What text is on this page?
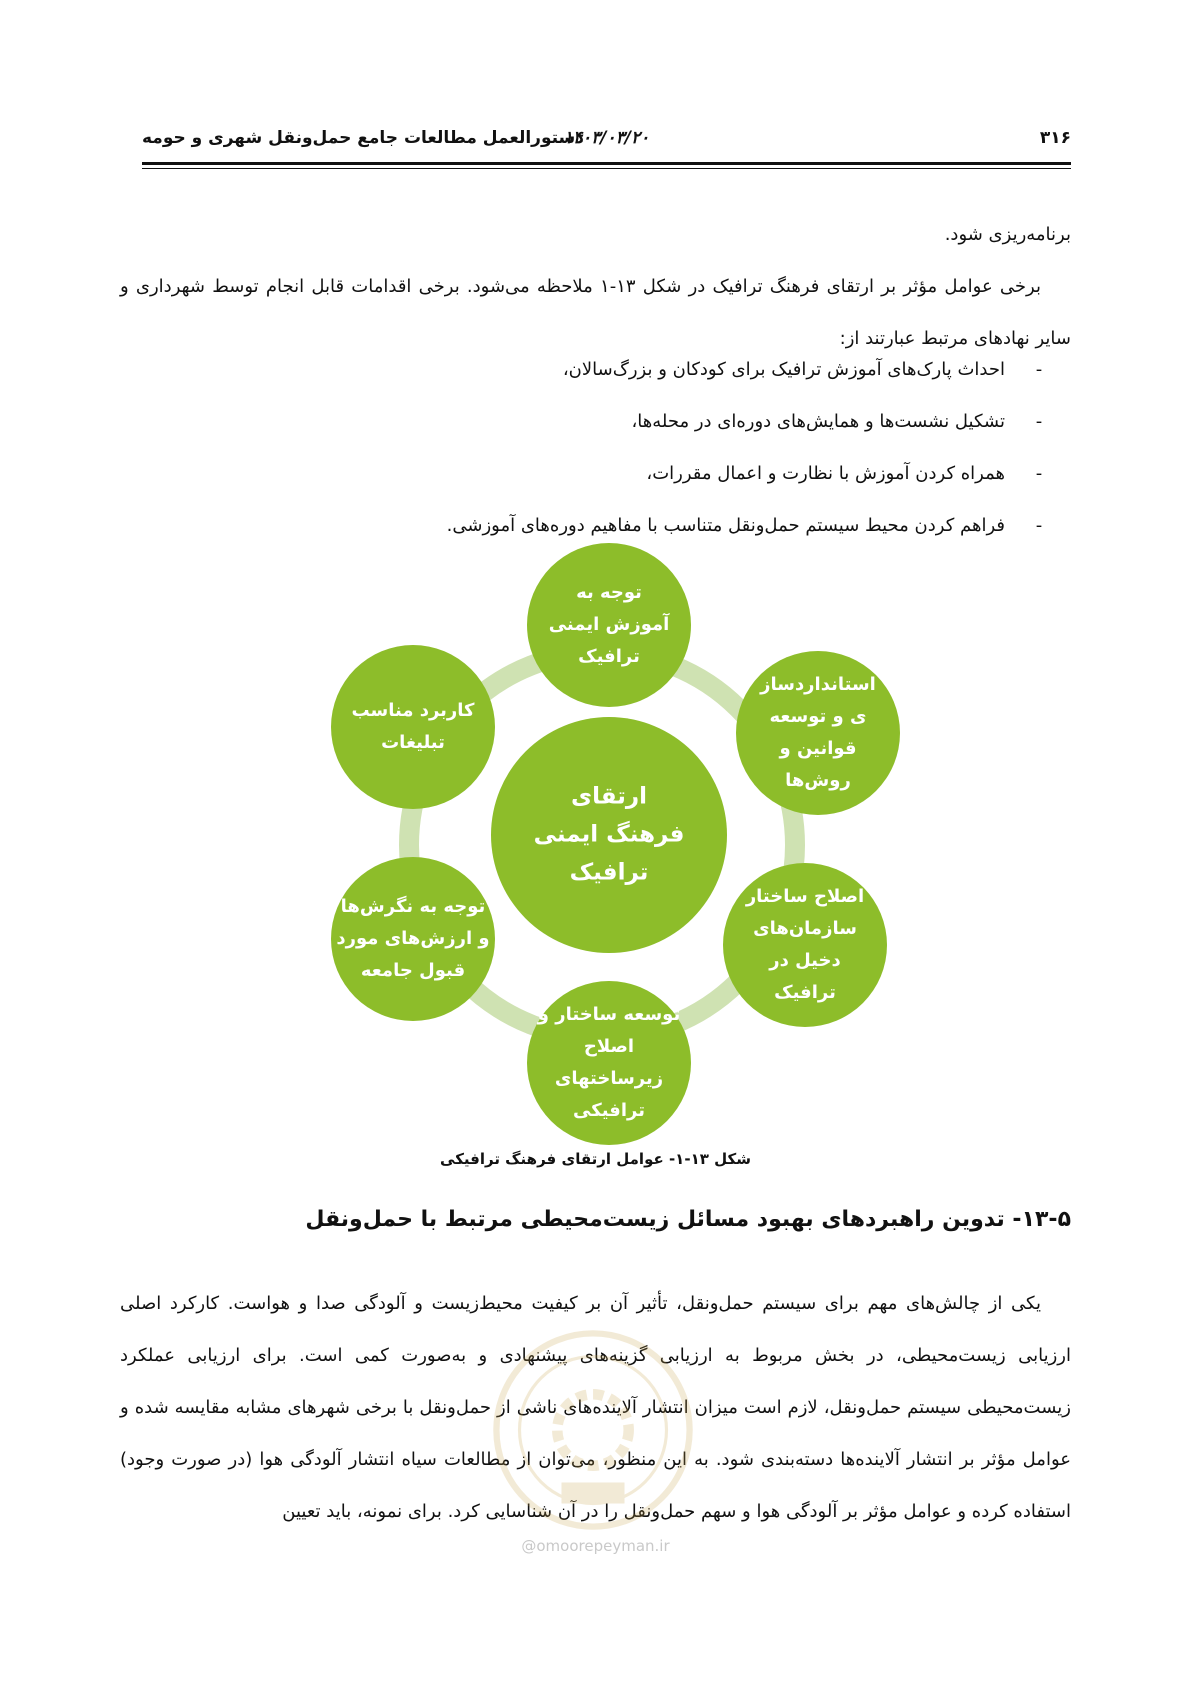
۳۱۶
۱۴۰۳/۰۳/۲۰
دستورالعمل مطالعات جامع حمل‌ونقل شهری و حومه

برنامه‌ریزی شود.

برخی عوامل مؤثر بر ارتقای فرهنگ ترافیک در شکل ۱۳-۱ ملاحظه می‌شود. برخی اقدامات قابل انجام توسط شهرداری و سایر نهادهای مرتبط عبارتند از:

-
احداث پارک‌های آموزش ترافیک برای کودکان و بزرگ‌سالان،
-
تشکیل نشست‌ها و همایش‌های دوره‌ای در محله‌ها،
-
همراه کردن آموزش با نظارت و اعمال مقررات،
-
فراهم کردن محیط سیستم حمل‌ونقل متناسب با مفاهیم دوره‌های آموزشی.
توجه به
آموزش ایمنی
ترافیک
استانداردساز
ی و توسعه
قوانین و
روش‌ها
اصلاح ساختار
سازمان‌های
دخیل در
ترافیک
توسعه ساختار و
اصلاح
زیرساختهای
ترافیکی
توجه به نگرش‌ها
و ارزش‌های مورد
قبول جامعه
کاربرد مناسب
تبلیغات
ارتقای
فرهنگ ایمنی
ترافیک
شکل ۱۳-۱- عوامل ارتقای فرهنگ ترافیکی
۱۳-۵- تدوین راهبردهای بهبود مسائل زیست‌محیطی مرتبط با حمل‌ونقل

یکی از چالش‌های مهم برای سیستم حمل‌ونقل، تأثیر آن بر کیفیت محیط‌زیست و آلودگی صدا و هواست. کارکرد اصلی ارزیابی زیست‌محیطی، در بخش مربوط به ارزیابی گزینه‌های پیشنهادی و به‌صورت کمی است. برای ارزیابی عملکرد زیست‌محیطی سیستم حمل‌ونقل، لازم است میزان انتشار آلاینده‌های ناشی از حمل‌ونقل با برخی شهرهای مشابه مقایسه شده و عوامل مؤثر بر انتشار آلاینده‌ها دسته‌بندی شود. به این منظور، می‌توان از مطالعات سیاه انتشار آلودگی هوا (در صورت وجود) استفاده کرده و عوامل مؤثر بر آلودگی هوا و سهم حمل‌ونقل را در آن شناسایی کرد. برای نمونه، باید تعیین

@omoorepeyman.ir
